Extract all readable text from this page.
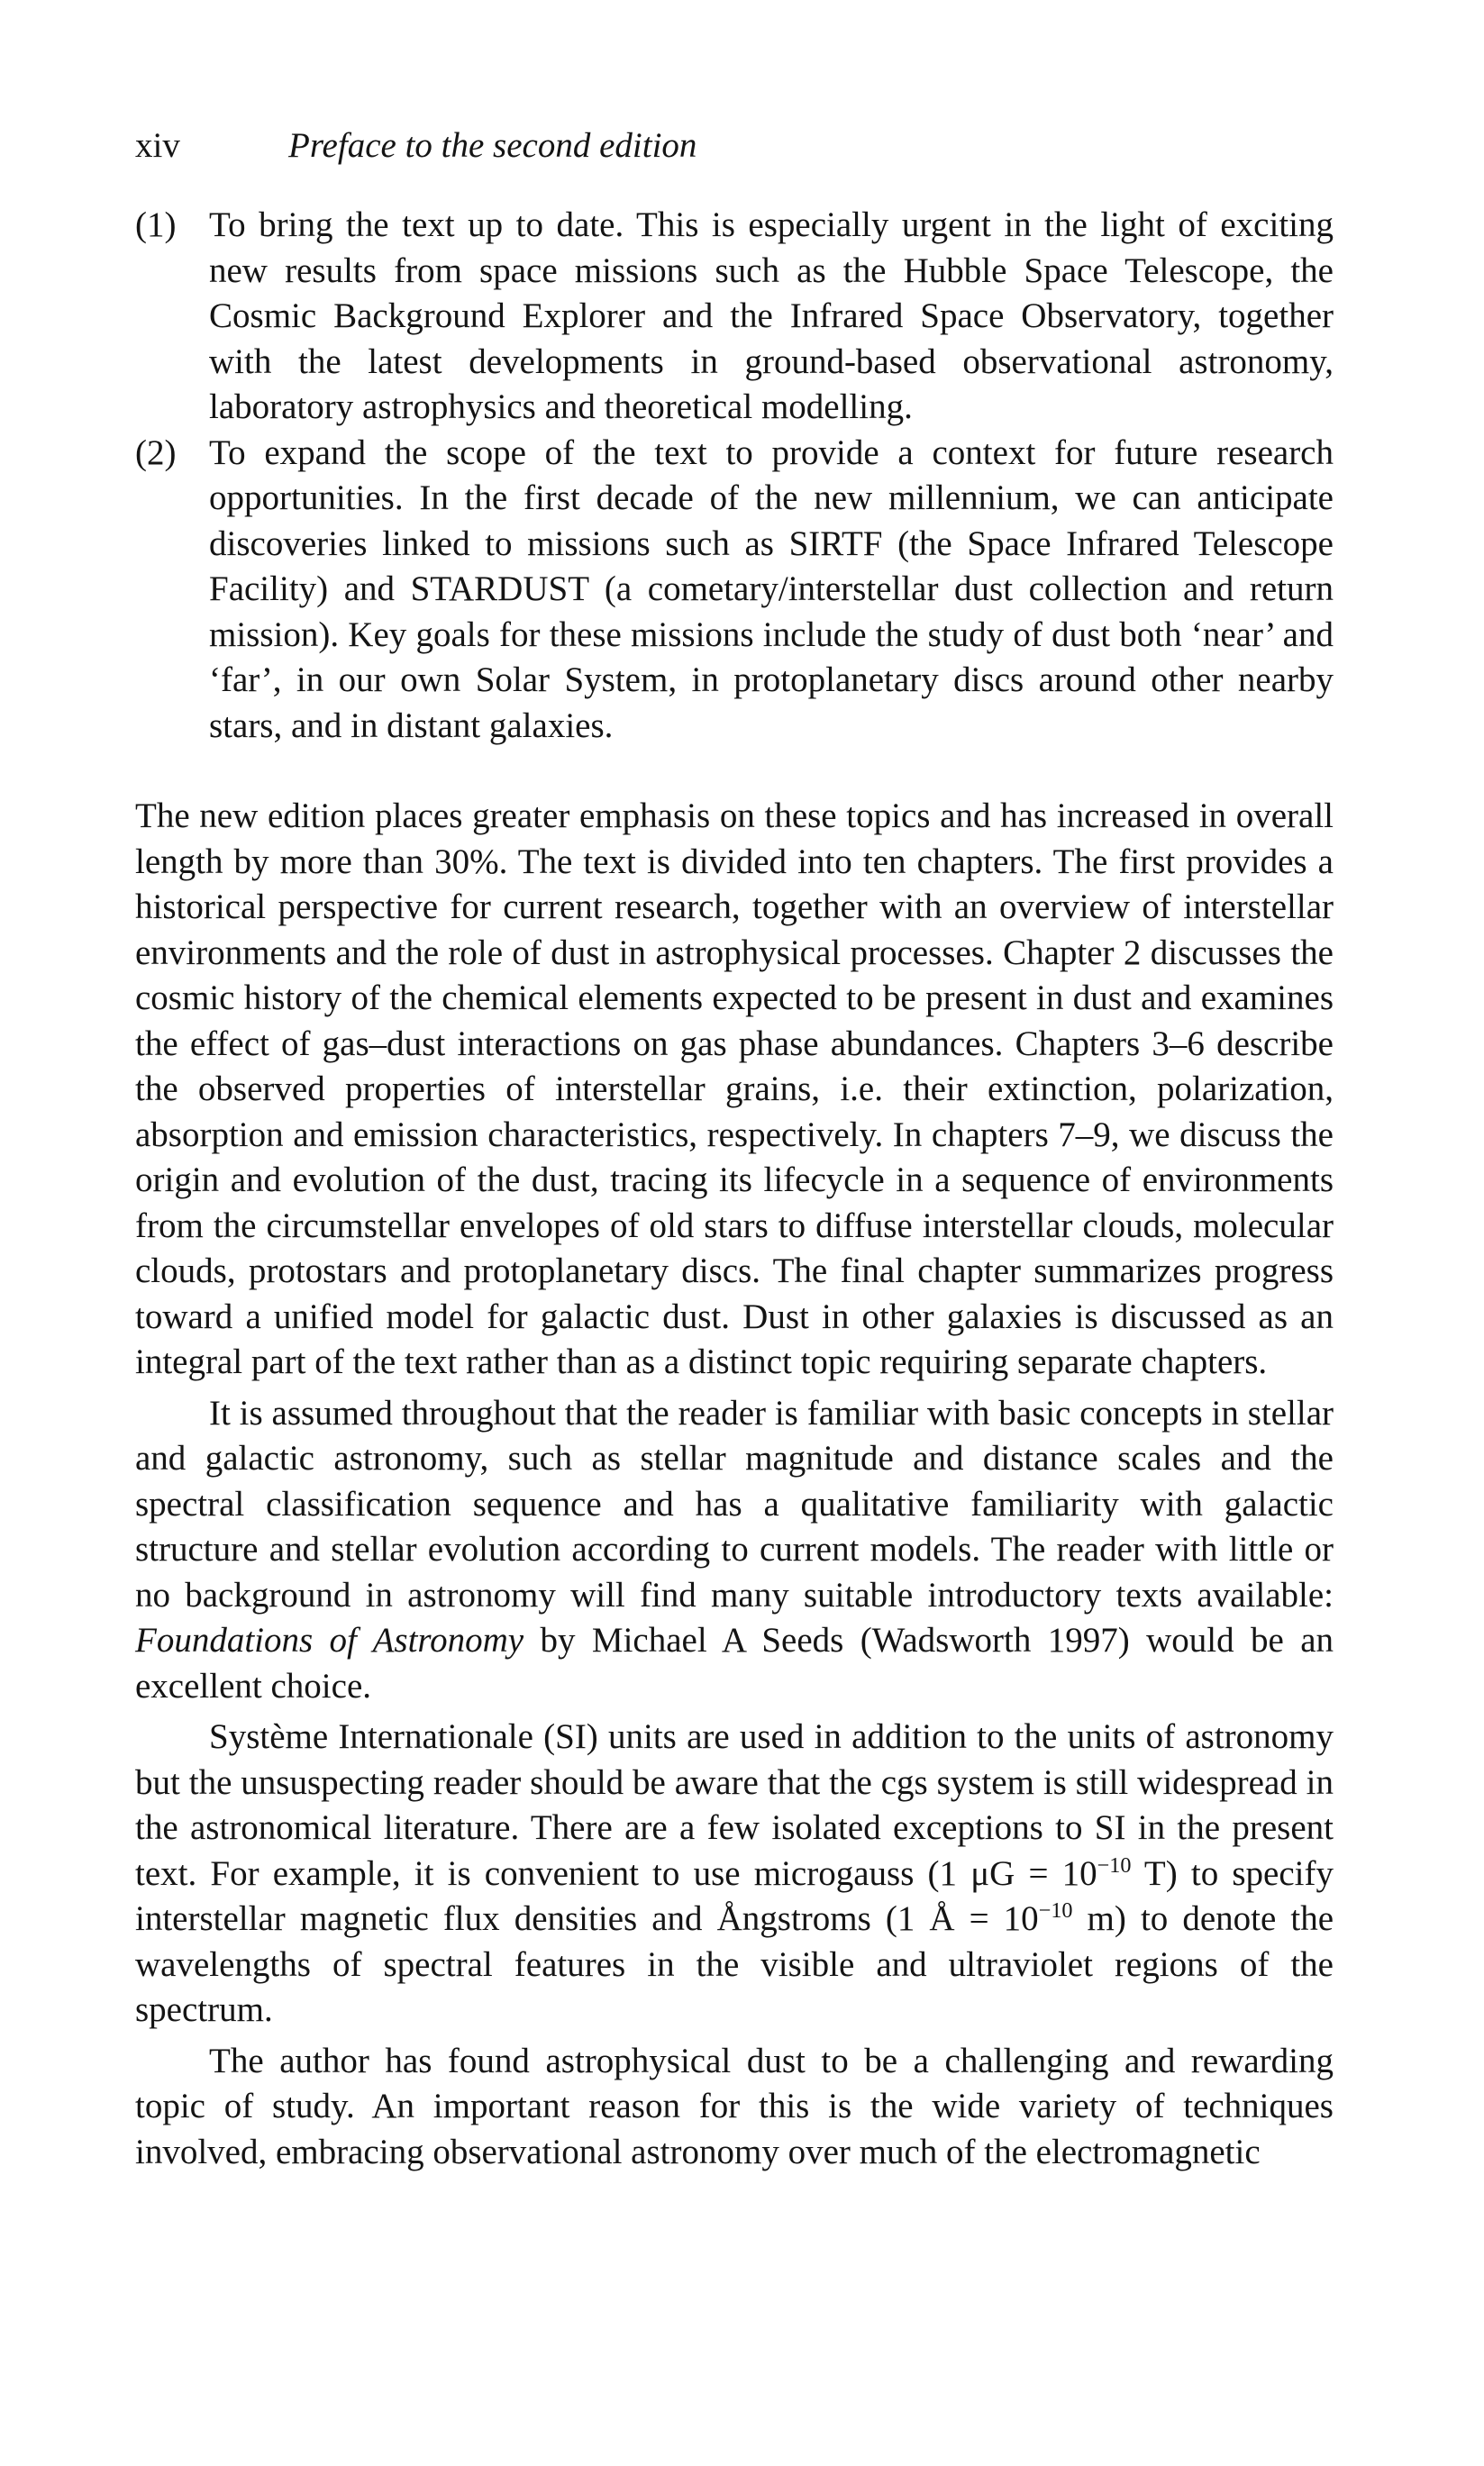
xiv	Preface to the second edition
(1) To bring the text up to date. This is especially urgent in the light of exciting new results from space missions such as the Hubble Space Telescope, the Cosmic Background Explorer and the Infrared Space Observatory, together with the latest developments in ground-based observational astronomy, laboratory astrophysics and theoretical modelling.
(2) To expand the scope of the text to provide a context for future research opportunities. In the first decade of the new millennium, we can anticipate discoveries linked to missions such as SIRTF (the Space Infrared Telescope Facility) and STARDUST (a cometary/interstellar dust collection and return mission). Key goals for these missions include the study of dust both ‘near’ and ‘far’, in our own Solar System, in protoplanetary discs around other nearby stars, and in distant galaxies.

The new edition places greater emphasis on these topics and has increased in overall length by more than 30%. The text is divided into ten chapters. The first provides a historical perspective for current research, together with an overview of interstellar environments and the role of dust in astrophysical processes. Chapter 2 discusses the cosmic history of the chemical elements expected to be present in dust and examines the effect of gas–dust interactions on gas phase abundances. Chapters 3–6 describe the observed properties of interstellar grains, i.e. their extinction, polarization, absorption and emission characteristics, respectively. In chapters 7–9, we discuss the origin and evolution of the dust, tracing its lifecycle in a sequence of environments from the circumstellar envelopes of old stars to diffuse interstellar clouds, molecular clouds, protostars and protoplanetary discs. The final chapter summarizes progress toward a unified model for galactic dust. Dust in other galaxies is discussed as an integral part of the text rather than as a distinct topic requiring separate chapters.

It is assumed throughout that the reader is familiar with basic concepts in stellar and galactic astronomy, such as stellar magnitude and distance scales and the spectral classification sequence and has a qualitative familiarity with galactic structure and stellar evolution according to current models. The reader with little or no background in astronomy will find many suitable introductory texts available: Foundations of Astronomy by Michael A Seeds (Wadsworth 1997) would be an excellent choice.

Système Internationale (SI) units are used in addition to the units of astronomy but the unsuspecting reader should be aware that the cgs system is still widespread in the astronomical literature. There are a few isolated exceptions to SI in the present text. For example, it is convenient to use microgauss (1 $\mu G = 10^{-10}$ T) to specify interstellar magnetic flux densities and Ångstroms (1 Å = $10^{-10}$ m) to denote the wavelengths of spectral features in the visible and ultraviolet regions of the spectrum.

The author has found astrophysical dust to be a challenging and rewarding topic of study. An important reason for this is the wide variety of techniques involved, embracing observational astronomy over much of the electromagnetic
